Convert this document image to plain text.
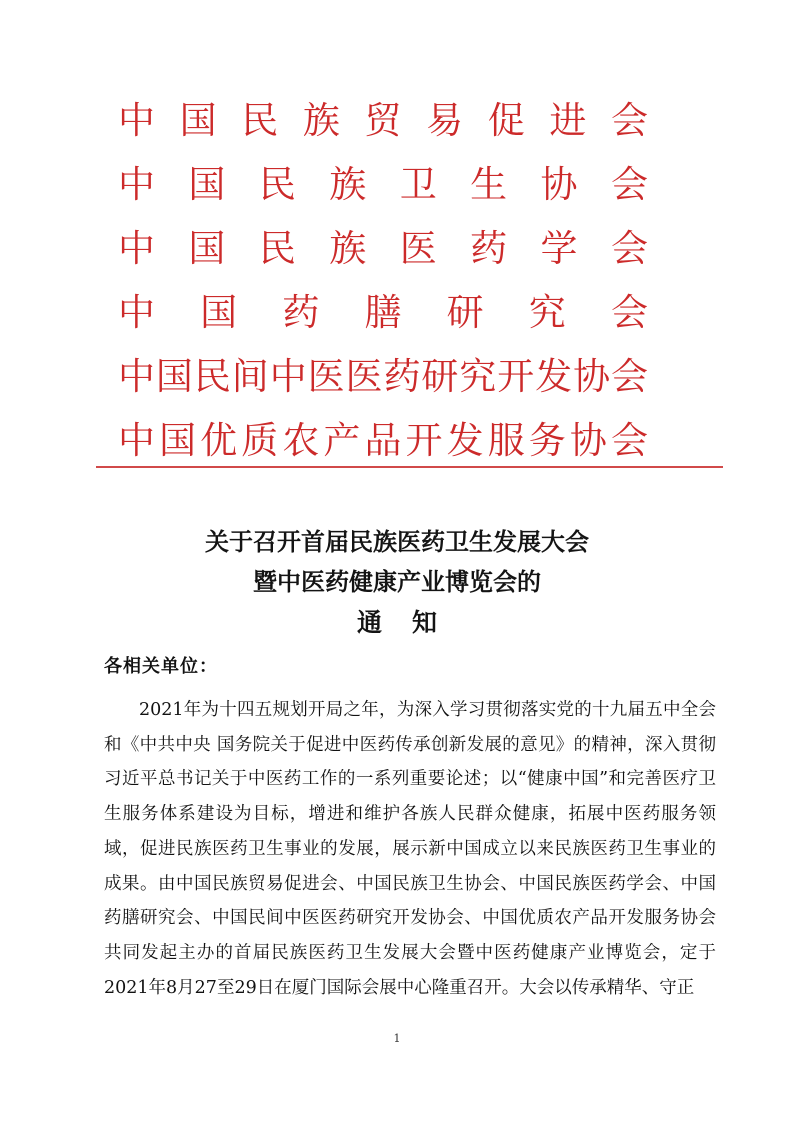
中 国 民 族 贸 易 促 进 会
中 国 民 族 卫 生 协 会
中 国 民 族 医 药 学 会
中 国 药 膳 研 究 会
中 国 民 间 中 医 医 药 研 究 开 发 协 会
中 国 优 质 农 产 品 开 发 服 务 协 会

关于召开首届民族医药卫生发展大会

暨中医药健康产业博览会的

通知

各相关单位：

2021年为十四五规划开局之年，为深入学习贯彻落实党的十九届五中全会和《中共中央 国务院关于促进中医药传承创新发展的意见》的精神，深入贯彻习近平总书记关于中医药工作的一系列重要论述；以“健康中国”和完善医疗卫生服务体系建设为目标，增进和维护各族人民群众健康，拓展中医药服务领域，促进民族医药卫生事业的发展，展示新中国成立以来民族医药卫生事业的成果。由中国民族贸易促进会、中国民族卫生协会、中国民族医药学会、中国药膳研究会、中国民间中医医药研究开发协会、中国优质农产品开发服务协会共同发起主办的首届民族医药卫生发展大会暨中医药健康产业博览会，定于2021年8月27至29日在厦门国际会展中心隆重召开。大会以传承精华、守正

1
